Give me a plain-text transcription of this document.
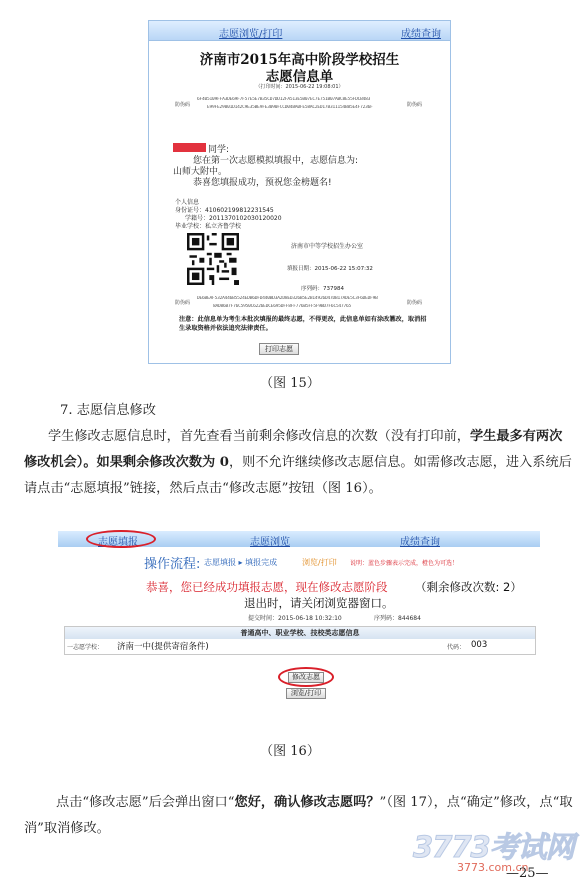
志愿浏览/打印	成绩查询
济南市2015年高中阶段学校招生
志愿信息单
（打印时间：2015-06-22 19:08:01）
防伪码	防伪码
6F405109FFA3DE69F7F57E5E7B35CD7DD12FA513E5B07EC7E751B07ABC8E55FDCB483
E99FE29001D142C9E35BE9FE3090FCCD04BA0FE58AC2ED17B311154B85E4F7236F
同学:
您在第一次志愿模拟填报中，志愿信息为:
山师大附中。
恭喜您填报成功，预祝您金榜题名!
个人信息
身份证号：410602199812231545
学籍号：2011370102030120020
毕业学校：私立齐鲁学校
济南市中等学校招生办公室
填报日期：2015-06-22 15:07:32
序列码：737984
防伪码	防伪码
DE6BEAF532A446B5524EDB6DFD440BD3A2D8ED326B5E2B14926D47DB17ADE5C3F6DEDF9B
8AD86B7F76C5950C6226EDCE695DFF8FF776B5FF5F9BD7F6C547765
注意：此信息单为考生本批次填报的最终志愿，不得更改，此信息单如有涂改篡改，取消招生录取资格并依法追究法律责任。
打印志愿
（图 15）
7. 志愿信息修改
学生修改志愿信息时，首先查看当前剩余修改信息的次数（没有打印前，学生最多有两次修改机会）。如果剩余修改次数为 0，则不允许继续修改志愿信息。如需修改志愿，进入系统后请点击“志愿填报”链接，然后点击“修改志愿”按钮（图 16）。
志愿填报	志愿浏览	成绩查询
操作流程: 志愿填报 ▸ 填报完成	浏览/打印 说明：蓝色步骤表示完成，橙色为可选！
恭喜，您已经成功填报志愿，现在修改志愿阶段 （剩余修改次数: 2）
退出时，请关闭浏览器窗口。
提交时间：2015-06-18 10:32:10	序列码：844684
普通高中、职业学校、技校类志愿信息
一志愿学校： 济南一中(提供寄宿条件)	代码： 003
修改志愿
浏览/打印
（图 16）
点击“修改志愿”后会弹出窗口“您好，确认修改志愿吗？”（图 17），点“确定”修改，点“取消”取消修改。
3773考试网
3773.com.cn
—25—
